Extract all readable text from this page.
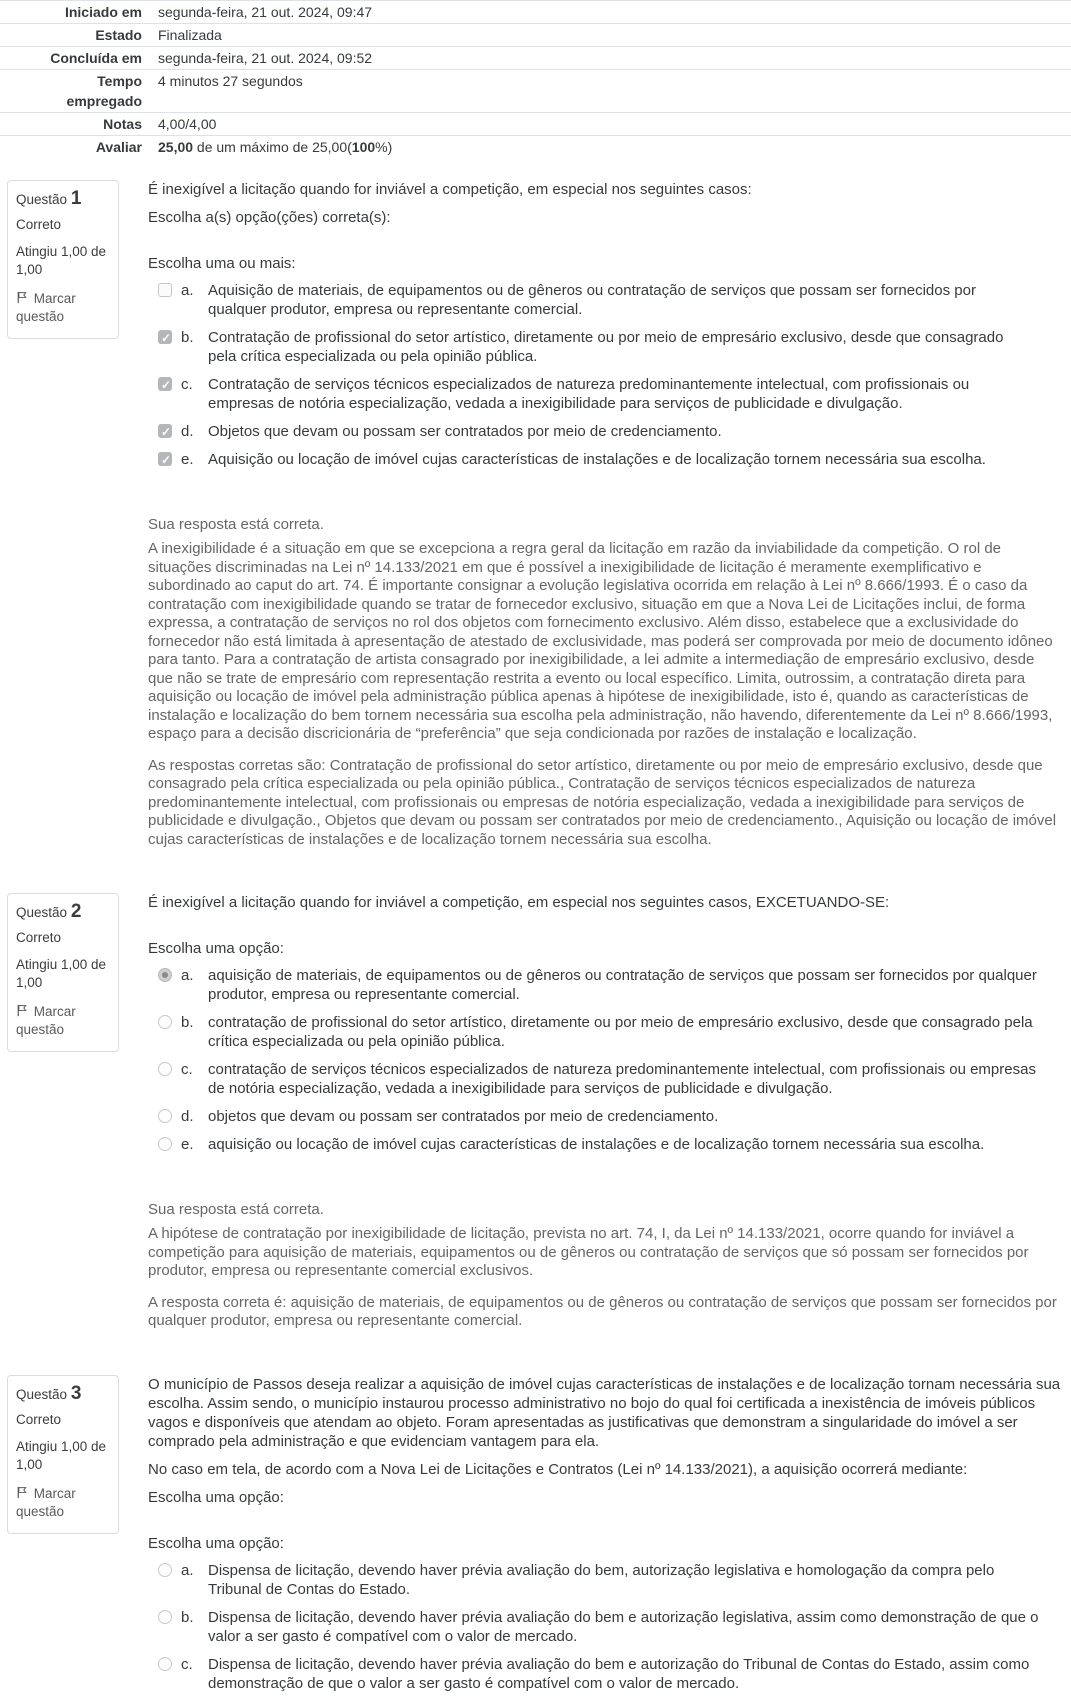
Iniciado em	segunda-feira, 21 out. 2024, 09:47
Estado	Finalizada
Concluída em	segunda-feira, 21 out. 2024, 09:52
Tempo empregado	4 minutos 27 segundos
Notas	4,00/4,00
Avaliar	25,00 de um máximo de 25,00(100%)
Questão 1
Correto
Atingiu 1,00 de 1,00
Marcar questão

É inexigível a licitação quando for inviável a competição, em especial nos seguintes casos:

Escolha a(s) opção(ções) correta(s):

Escolha uma ou mais:
a. Aquisição de materiais, de equipamentos ou de gêneros ou contratação de serviços que possam ser fornecidos por qualquer produtor, empresa ou representante comercial.
✓
b. Contratação de profissional do setor artístico, diretamente ou por meio de empresário exclusivo, desde que consagrado pela crítica especializada ou pela opinião pública.
✓
c.	Contratação de serviços técnicos especializados de natureza predominantemente intelectual, com profissionais ou empresas de notória especialização, vedada a inexigibilidade para serviços de publicidade e divulgação.
✓
d. Objetos que devam ou possam ser contratados por meio de credenciamento.
✓
e. Aquisição ou locação de imóvel cujas características de instalações e de localização tornem necessária sua escolha.
Sua resposta está correta.

A inexigibilidade é a situação em que se excepciona a regra geral da licitação em razão da inviabilidade da competição. O rol de situações discriminadas na Lei nº 14.133/2021 em que é possível a inexigibilidade de licitação é meramente exemplificativo e subordinado ao caput do art. 74. É importante consignar a evolução legislativa ocorrida em relação à Lei nº 8.666/1993. É o caso da contratação com inexigibilidade quando se tratar de fornecedor exclusivo, situação em que a Nova Lei de Licitações inclui, de forma expressa, a contratação de serviços no rol dos objetos com fornecimento exclusivo. Além disso, estabelece que a exclusividade do fornecedor não está limitada à apresentação de atestado de exclusividade, mas poderá ser comprovada por meio de documento idôneo para tanto. Para a contratação de artista consagrado por inexigibilidade, a lei admite a intermediação de empresário exclusivo, desde que não se trate de empresário com representação restrita a evento ou local específico. Limita, outrossim, a contratação direta para aquisição ou locação de imóvel pela administração pública apenas à hipótese de inexigibilidade, isto é, quando as características de instalação e localização do bem tornem necessária sua escolha pela administração, não havendo, diferentemente da Lei nº 8.666/1993, espaço para a decisão discricionária de “preferência” que seja condicionada por razões de instalação e localização.

As respostas corretas são: Contratação de profissional do setor artístico, diretamente ou por meio de empresário exclusivo, desde que consagrado pela crítica especializada ou pela opinião pública., Contratação de serviços técnicos especializados de natureza predominantemente intelectual, com profissionais ou empresas de notória especialização, vedada a inexigibilidade para serviços de publicidade e divulgação., Objetos que devam ou possam ser contratados por meio de credenciamento., Aquisição ou locação de imóvel cujas características de instalações e de localização tornem necessária sua escolha.
Questão 2
Correto
Atingiu 1,00 de 1,00
Marcar questão

É inexigível a licitação quando for inviável a competição, em especial nos seguintes casos, EXCETUANDO-SE:

Escolha uma opção:
a. aquisição de materiais, de equipamentos ou de gêneros ou contratação de serviços que possam ser fornecidos por qualquer produtor, empresa ou representante comercial.
b. contratação de profissional do setor artístico, diretamente ou por meio de empresário exclusivo, desde que consagrado pela crítica especializada ou pela opinião pública.
c.	contratação de serviços técnicos especializados de natureza predominantemente intelectual, com profissionais ou empresas de notória especialização, vedada a inexigibilidade para serviços de publicidade e divulgação.
d. objetos que devam ou possam ser contratados por meio de credenciamento.
e. aquisição ou locação de imóvel cujas características de instalações e de localização tornem necessária sua escolha.
Sua resposta está correta.

A hipótese de contratação por inexigibilidade de licitação, prevista no art. 74, I, da Lei nº 14.133/2021, ocorre quando for inviável a competição para aquisição de materiais, equipamentos ou de gêneros ou contratação de serviços que só possam ser fornecidos por produtor, empresa ou representante comercial exclusivos.

A resposta correta é: aquisição de materiais, de equipamentos ou de gêneros ou contratação de serviços que possam ser fornecidos por qualquer produtor, empresa ou representante comercial.
Questão 3
Correto
Atingiu 1,00 de 1,00
Marcar questão

O município de Passos deseja realizar a aquisição de imóvel cujas características de instalações e de localização tornam necessária sua escolha. Assim sendo, o município instaurou processo administrativo no bojo do qual foi certificada a inexistência de imóveis públicos vagos e disponíveis que atendam ao objeto. Foram apresentadas as justificativas que demonstram a singularidade do imóvel a ser comprado pela administração e que evidenciam vantagem para ela.

No caso em tela, de acordo com a Nova Lei de Licitações e Contratos (Lei nº 14.133/2021), a aquisição ocorrerá mediante:

Escolha uma opção:

Escolha uma opção:
a. Dispensa de licitação, devendo haver prévia avaliação do bem, autorização legislativa e homologação da compra pelo Tribunal de Contas do Estado.
b. Dispensa de licitação, devendo haver prévia avaliação do bem e autorização legislativa, assim como demonstração de que o valor a ser gasto é compatível com o valor de mercado.
c.	Dispensa de licitação, devendo haver prévia avaliação do bem e autorização do Tribunal de Contas do Estado, assim como demonstração de que o valor a ser gasto é compatível com o valor de mercado.
